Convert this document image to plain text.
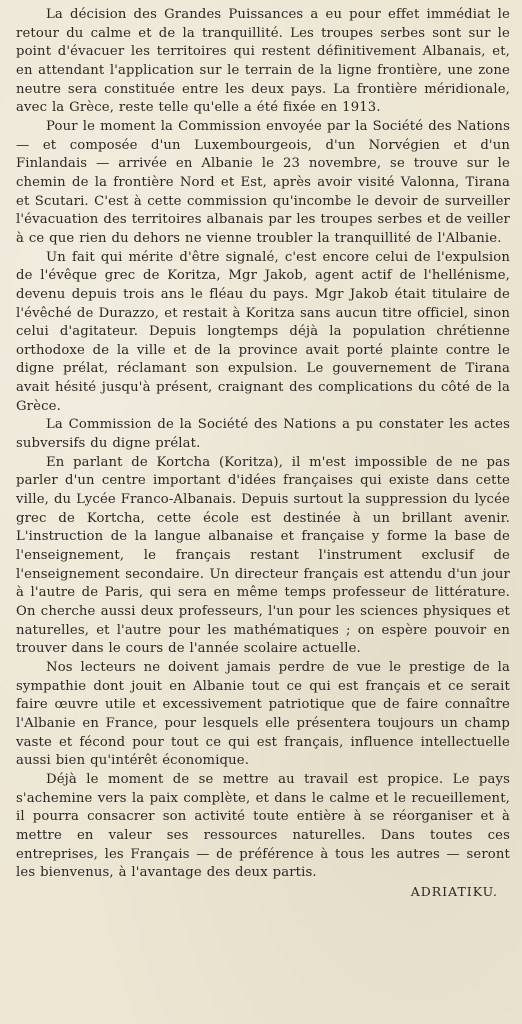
La décision des Grandes Puissances a eu pour effet immédiat le retour du calme et de la tranquillité. Les troupes serbes sont sur le point d'évacuer les territoires qui restent définitivement Albanais, et, en attendant l'application sur le terrain de la ligne frontière, une zone neutre sera constituée entre les deux pays. La frontière méridionale, avec la Grèce, reste telle qu'elle a été fixée en 1913.

Pour le moment la Commission envoyée par la Société des Nations — et composée d'un Luxembourgeois, d'un Norvégien et d'un Finlandais — arrivée en Albanie le 23 novembre, se trouve sur le chemin de la frontière Nord et Est, après avoir visité Valonna, Tirana et Scutari. C'est à cette commission qu'incombe le devoir de surveiller l'évacuation des territoires albanais par les troupes serbes et de veiller à ce que rien du dehors ne vienne troubler la tranquillité de l'Albanie.

Un fait qui mérite d'être signalé, c'est encore celui de l'expulsion de l'évêque grec de Koritza, Mgr Jakob, agent actif de l'hellénisme, devenu depuis trois ans le fléau du pays. Mgr Jakob était titulaire de l'évêché de Durazzo, et restait à Koritza sans aucun titre officiel, sinon celui d'agitateur. Depuis longtemps déjà la population chrétienne orthodoxe de la ville et de la province avait porté plainte contre le digne prélat, réclamant son expulsion. Le gouvernement de Tirana avait hésité jusqu'à présent, craignant des complications du côté de la Grèce.

La Commission de la Société des Nations a pu constater les actes subversifs du digne prélat.

En parlant de Kortcha (Koritza), il m'est impossible de ne pas parler d'un centre important d'idées françaises qui existe dans cette ville, du Lycée Franco-Albanais. Depuis surtout la suppression du lycée grec de Kortcha, cette école est destinée à un brillant avenir. L'instruction de la langue albanaise et française y forme la base de l'enseignement, le français restant l'instrument exclusif de l'enseignement secondaire. Un directeur français est attendu d'un jour à l'autre de Paris, qui sera en même temps professeur de littérature. On cherche aussi deux professeurs, l'un pour les sciences physiques et naturelles, et l'autre pour les mathématiques ; on espère pouvoir en trouver dans le cours de l'année scolaire actuelle.

Nos lecteurs ne doivent jamais perdre de vue le prestige de la sympathie dont jouit en Albanie tout ce qui est français et ce serait faire œuvre utile et excessivement patriotique que de faire connaître l'Albanie en France, pour lesquels elle présentera toujours un champ vaste et fécond pour tout ce qui est français, influence intellectuelle aussi bien qu'intérêt économique.

Déjà le moment de se mettre au travail est propice. Le pays s'achemine vers la paix complète, et dans le calme et le recueillement, il pourra consacrer son activité toute entière à se réorganiser et à mettre en valeur ses ressources naturelles. Dans toutes ces entreprises, les Français — de préférence à tous les autres — seront les bienvenus, à l'avantage des deux partis.

ADRIATIKU.
